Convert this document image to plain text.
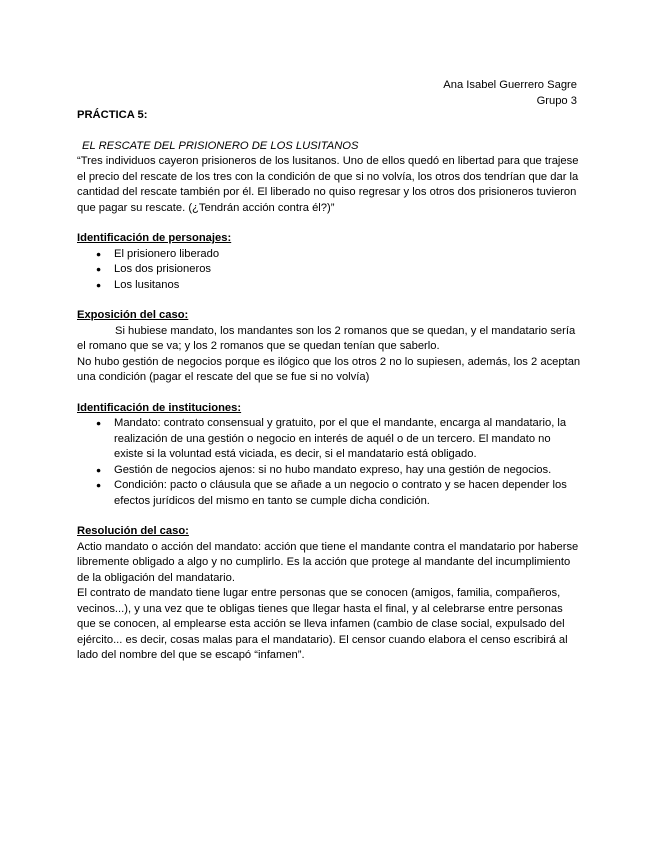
Ana Isabel Guerrero Sagre
Grupo 3

PRÁCTICA 5:

EL RESCATE DEL PRISIONERO DE LOS LUSITANOS

“Tres individuos cayeron prisioneros de los lusitanos. Uno de ellos quedó en libertad para que trajese el precio del rescate de los tres con la condición de que si no volvía, los otros dos tendrían que dar la cantidad del rescate también por él. El liberado no quiso regresar y los otros dos prisioneros tuvieron que pagar su rescate. (¿Tendrán acción contra él?)”

Identificación de personajes:

● El prisionero liberado
● Los dos prisioneros
● Los lusitanos

Exposición del caso:

Si hubiese mandato, los mandantes son los 2 romanos que se quedan, y el mandatario sería el romano que se va; y los 2 romanos que se quedan tenían que saberlo.

No hubo gestión de negocios porque es ilógico que los otros 2 no lo supiesen, además, los 2 aceptan una condición (pagar el rescate del que se fue si no volvía)

Identificación de instituciones:

● Mandato: contrato consensual y gratuito, por el que el mandante, encarga al mandatario, la realización de una gestión o negocio en interés de aquél o de un tercero. El mandato no existe si la voluntad está viciada, es decir, si el mandatario está obligado.
● Gestión de negocios ajenos: si no hubo mandato expreso, hay una gestión de negocios.
● Condición: pacto o cláusula que se añade a un negocio o contrato y se hacen depender los efectos jurídicos del mismo en tanto se cumple dicha condición.

Resolución del caso:

Actio mandato o acción del mandato: acción que tiene el mandante contra el mandatario por haberse libremente obligado a algo y no cumplirlo. Es la acción que protege al mandante del incumplimiento de la obligación del mandatario.

El contrato de mandato tiene lugar entre personas que se conocen (amigos, familia, compañeros, vecinos...), y una vez que te obligas tienes que llegar hasta el final, y al celebrarse entre personas que se conocen, al emplearse esta acción se lleva infamen (cambio de clase social, expulsado del ejército... es decir, cosas malas para el mandatario). El censor cuando elabora el censo escribirá al lado del nombre del que se escapó “infamen”.
